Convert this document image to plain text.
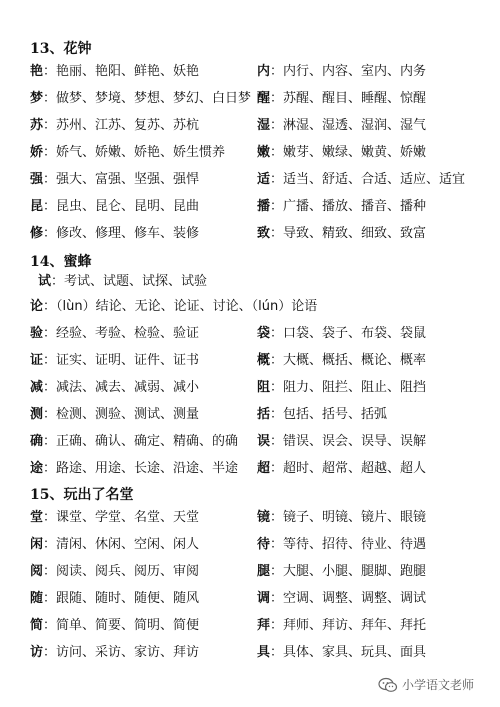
13、花钟
艳：艳丽、艳阳、鲜艳、妖艳	内：内行、内容、室内、内务
梦：做梦、梦境、梦想、梦幻、白日梦 醒：苏醒、醒目、睡醒、惊醒
苏：苏州、江苏、复苏、苏杭	湿：淋湿、湿透、湿润、湿气
娇：娇气、娇嫩、娇艳、娇生惯养 嫩：嫩芽、嫩绿、嫩黄、娇嫩
强：强大、富强、坚强、强悍	适：适当、舒适、合适、适应、适宜
昆：昆虫、昆仑、昆明、昆曲	播：广播、播放、播音、播种
修：修改、修理、修车、装修	致：导致、精致、细致、致富
14、蜜蜂
试：考试、试题、试探、试验
论：（lùn）结论、无论、论证、讨论、（lún）论语
验：经验、考验、检验、验证	袋：口袋、袋子、布袋、袋鼠
证：证实、证明、证件、证书	概：大概、概括、概论、概率
减：减法、减去、减弱、减小	阻：阻力、阻拦、阻止、阻挡
测：检测、测验、测试、测量	括：包括、括号、括弧
确：正确、确认、确定、精确、的确 误：错误、误会、误导、误解
途：路途、用途、长途、沿途、半途 超：超时、超常、超越、超人
15、玩出了名堂
堂：课堂、学堂、名堂、天堂	镜：镜子、明镜、镜片、眼镜
闲：清闲、休闲、空闲、闲人	待：等待、招待、待业、待遇
阅：阅读、阅兵、阅历、审阅	腿：大腿、小腿、腿脚、跑腿
随：跟随、随时、随便、随风	调：空调、调整、调整、调试
简：简单、简要、简明、简便	拜：拜师、拜访、拜年、拜托
访：访问、采访、家访、拜访	具：具体、家具、玩具、面具
小学语文老师
